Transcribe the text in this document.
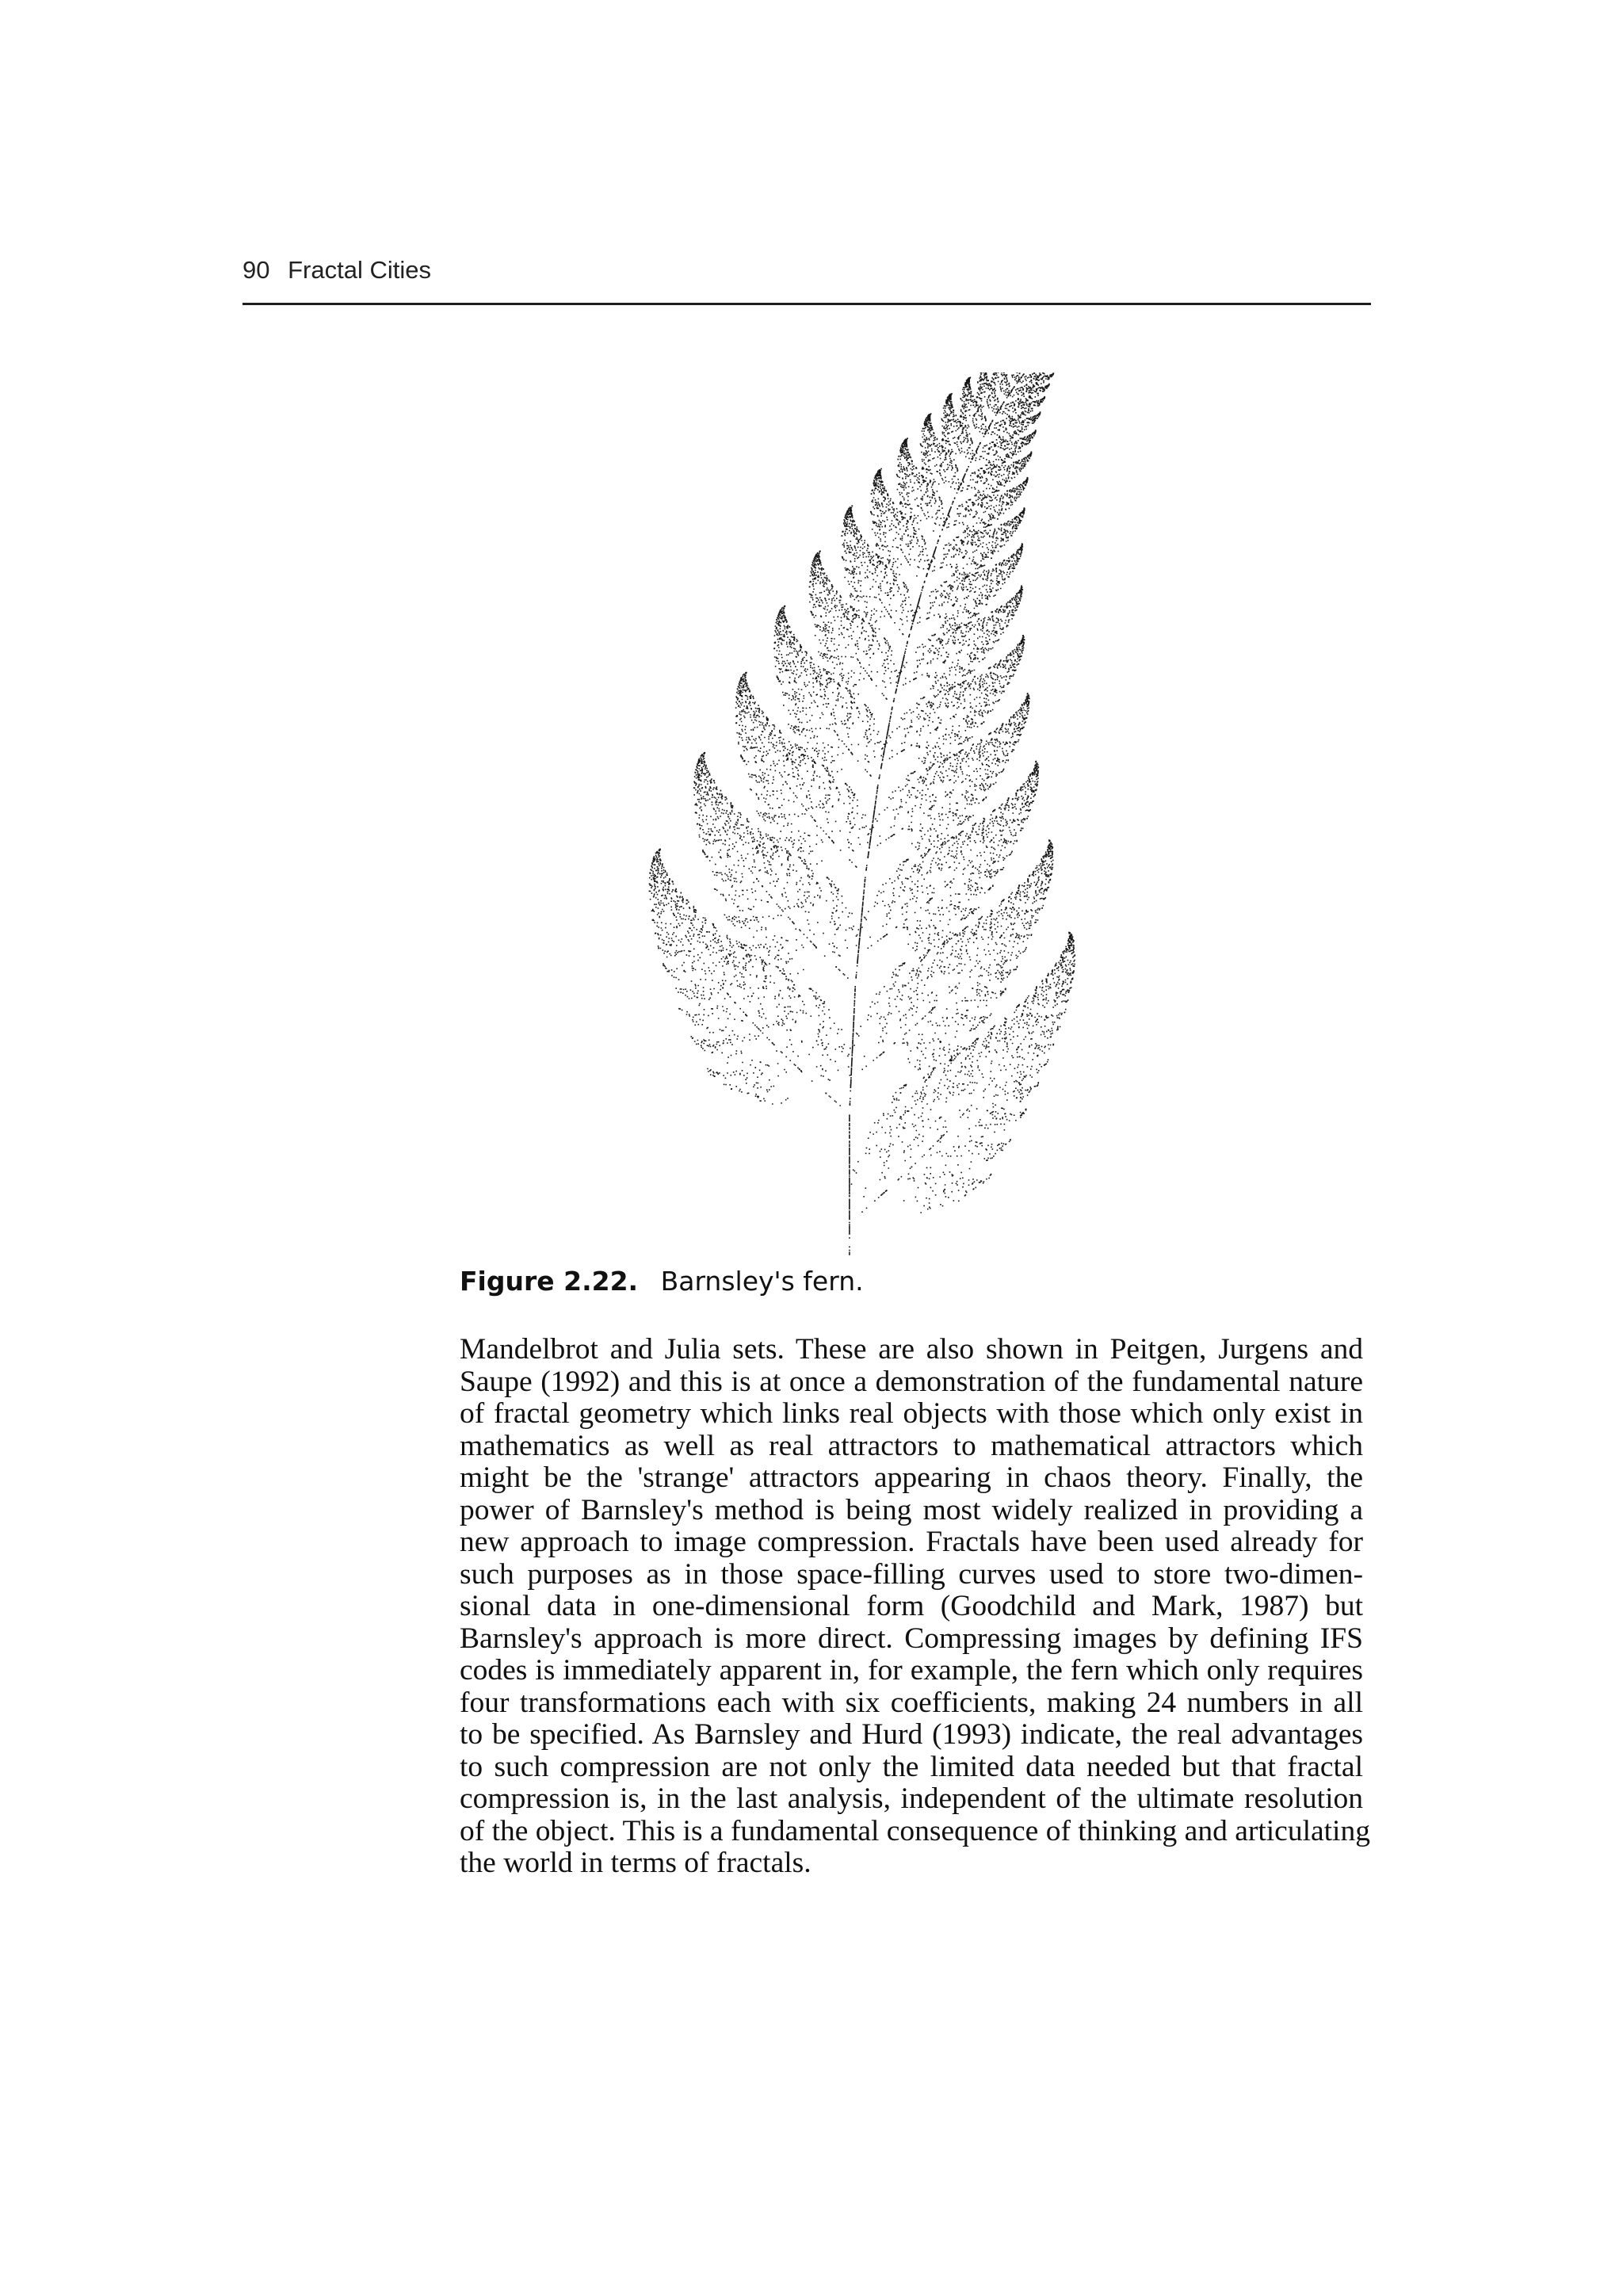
90 Fractal Cities
Figure 2.22. Barnsley's fern.
Mandelbrot and Julia sets. These are also shown in Peitgen, Jurgens and
Saupe (1992) and this is at once a demonstration of the fundamental nature
of fractal geometry which links real objects with those which only exist in
mathematics as well as real attractors to mathematical attractors which
might be the 'strange' attractors appearing in chaos theory. Finally, the
power of Barnsley's method is being most widely realized in providing a
new approach to image compression. Fractals have been used already for
such purposes as in those space-filling curves used to store two-dimen-
sional data in one-dimensional form (Goodchild and Mark, 1987) but
Barnsley's approach is more direct. Compressing images by defining IFS
codes is immediately apparent in, for example, the fern which only requires
four transformations each with six coefficients, making 24 numbers in all
to be specified. As Barnsley and Hurd (1993) indicate, the real advantages
to such compression are not only the limited data needed but that fractal
compression is, in the last analysis, independent of the ultimate resolution
of the object. This is a fundamental consequence of thinking and articulating
the world in terms of fractals.
